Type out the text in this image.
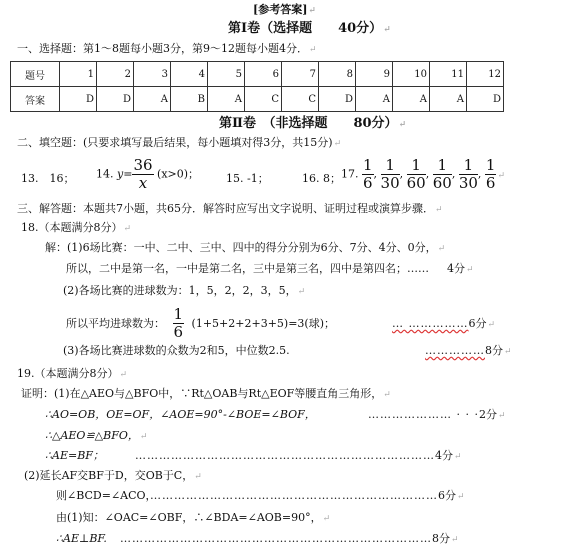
[参考答案]↵
第Ⅰ卷（选择题　　40分）↵
一、选择题：第1～8题每小题3分，第9～12题每小题4分．↵
题号	1	2	3	4	5	6	7	8	9	10	11	12
答案	D	D	A	B	A	C	C	D	A	A	A	D
第Ⅱ卷　（非选择题　　80分）↵
二、填空题：(只要求填写最后结果，每小题填对得3分，共15分)↵
13.　16； 14. $y= \frac{36}{x} (x>0)$； 15. -1；	16. 8； 17. $\frac{1}{6}$ , $\frac{1}{30}$ , $\frac{1}{60}$ , $\frac{1}{60}$ , $\frac{1}{30}$ , $\frac{1}{6}$ ↵
三、解答题：本题共7小题，共65分．解答时应写出文字说明、证明过程或演算步骤．↵
18.（本题满分8分）↵
解：(1)6场比赛：一中、二中、三中、四中的得分分别为6分、7分、4分、0分，↵
所以，二中是第一名，一中是第二名，三中是第三名，四中是第四名；…… 4分↵
(2)各场比赛的进球数为：1，5，2，2，3，5，↵
所以平均进球数为： $\frac{1}{6} (1+5+2+2+3+5)=3$(球)；	… ……………6分↵
(3)各场比赛进球数的众数为2和5，中位数2.5.	……………8分↵
19.（本题满分8分）↵
证明：(1)在△AEO与△BFO中，∵Rt△OAB与Rt△EOF等腰直角三角形，↵
∴AO=OB，OE=OF，∠AOE=90°-∠BOE=∠BOF，	………………… · · ·2分↵
∴△AEO≌△BFO，↵
∴AE=BF；	…………………………………………………………………4分↵
(2)延长AF交BF于D，交OB于C，↵
则∠BCD=∠ACO，
………………………………………………………………6分↵
由(1)知：∠OAC=∠OBF，∴∠BDA=∠AOB=90°，↵
∴AE⊥BF. ……………………………………………………………………8分↵
